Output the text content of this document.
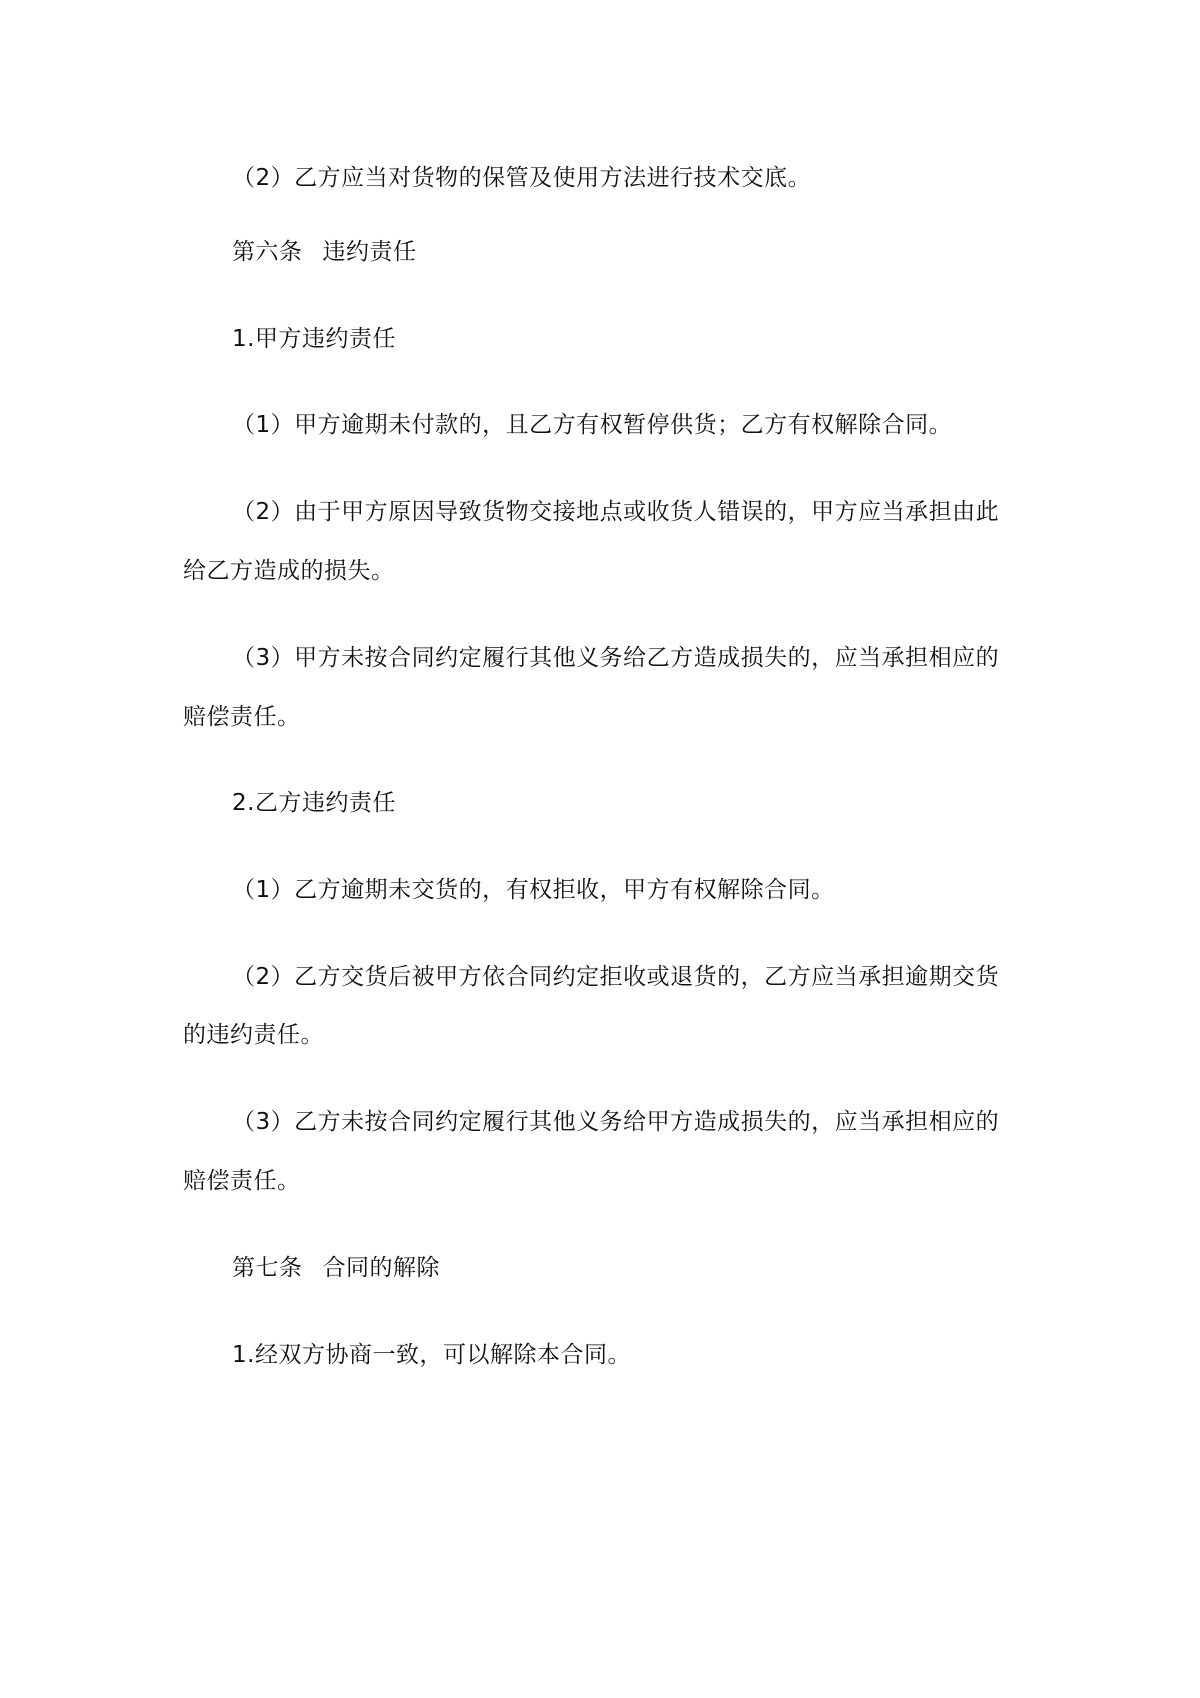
（2）乙方应当对货物的保管及使用方法进行技术交底。
第六条 违约责任
1.甲方违约责任
（1）甲方逾期未付款的，且乙方有权暂停供货；乙方有权解除合同。
（2）由于甲方原因导致货物交接地点或收货人错误的，甲方应当承担由此
给乙方造成的损失。
（3）甲方未按合同约定履行其他义务给乙方造成损失的，应当承担相应的
赔偿责任。
2.乙方违约责任
（1）乙方逾期未交货的，有权拒收，甲方有权解除合同。
（2）乙方交货后被甲方依合同约定拒收或退货的，乙方应当承担逾期交货
的违约责任。
（3）乙方未按合同约定履行其他义务给甲方造成损失的，应当承担相应的
赔偿责任。
第七条 合同的解除
1.经双方协商一致，可以解除本合同。
